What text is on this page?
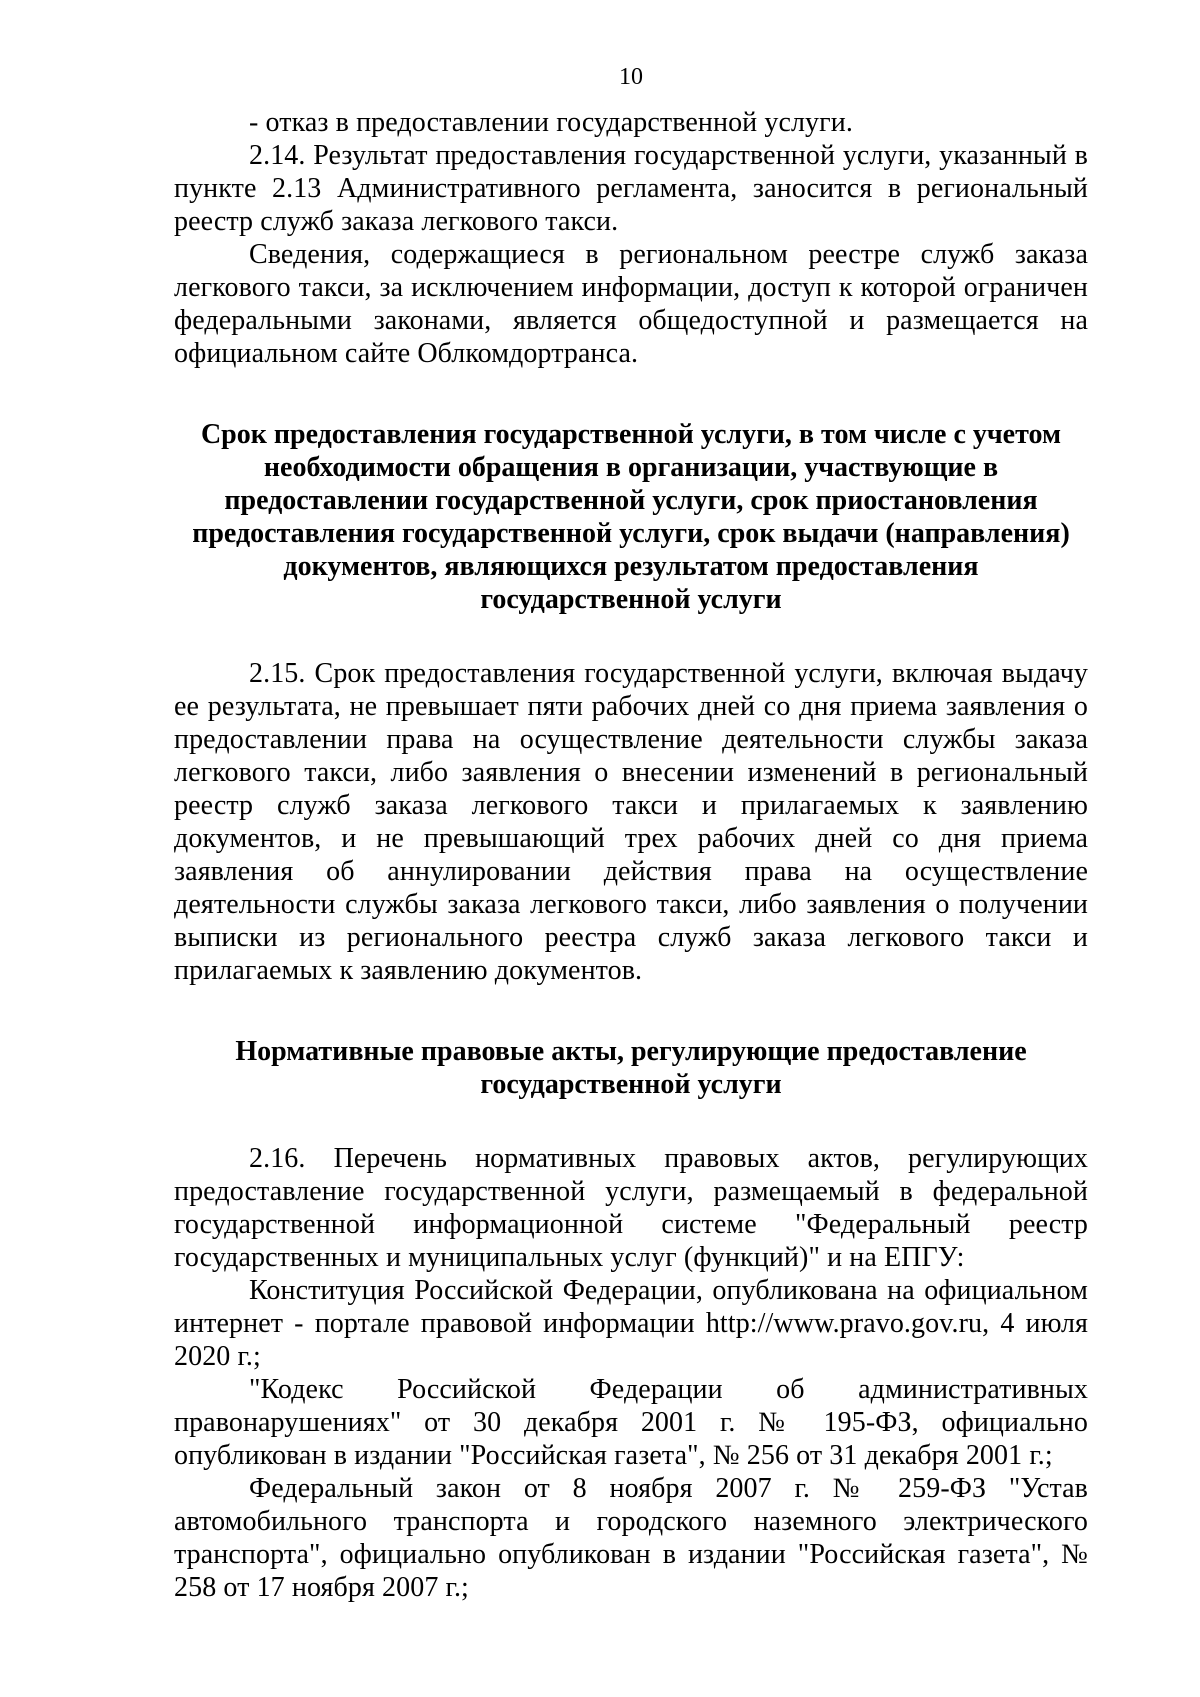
10

- отказ в предоставлении государственной услуги.

2.14. Результат предоставления государственной услуги, указанный в пункте 2.13 Административного регламента, заносится в региональный реестр служб заказа легкового такси.

Сведения, содержащиеся в региональном реестре служб заказа легкового такси, за исключением информации, доступ к которой ограничен федеральными законами, является общедоступной и размещается на официальном сайте Облкомдортранса.

Срок предоставления государственной услуги, в том числе с учетом необходимости обращения в организации, участвующие в предоставлении государственной услуги, срок приостановления предоставления государственной услуги, срок выдачи (направления) документов, являющихся результатом предоставления государственной услуги

2.15. Срок предоставления государственной услуги, включая выдачу ее результата, не превышает пяти рабочих дней со дня приема заявления о предоставлении права на осуществление деятельности службы заказа легкового такси, либо заявления о внесении изменений в региональный реестр служб заказа легкового такси и прилагаемых к заявлению документов, и не превышающий трех рабочих дней со дня приема заявления об аннулировании действия права на осуществление деятельности службы заказа легкового такси, либо заявления о получении выписки из регионального реестра служб заказа легкового такси и прилагаемых к заявлению документов.

Нормативные правовые акты, регулирующие предоставление государственной услуги

2.16. Перечень нормативных правовых актов, регулирующих предоставление государственной услуги, размещаемый в федеральной государственной информационной системе "Федеральный реестр государственных и муниципальных услуг (функций)" и на ЕПГУ:

Конституция Российской Федерации, опубликована на официальном интернет - портале правовой информации http://www.pravo.gov.ru, 4 июля 2020 г.;

"Кодекс Российской Федерации об административных правонарушениях" от 30 декабря 2001 г. № 195-ФЗ, официально опубликован в издании "Российская газета", № 256 от 31 декабря 2001 г.;

Федеральный закон от 8 ноября 2007 г. № 259-ФЗ "Устав автомобильного транспорта и городского наземного электрического транспорта", официально опубликован в издании "Российская газета", № 258 от 17 ноября 2007 г.;
